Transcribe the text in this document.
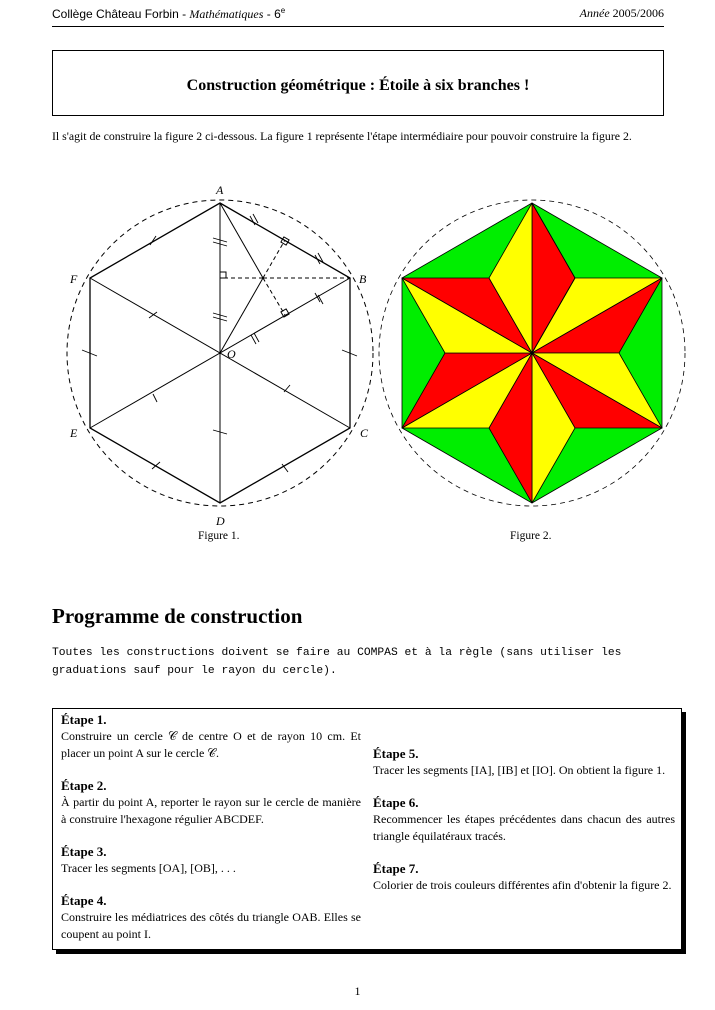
Collège Château Forbin - Mathématiques - 6e	Année 2005/2006
Construction géométrique : Étoile à six branches !
Il s'agit de construire la figure 2 ci-dessous. La figure 1 représente l'étape intermédiaire pour pouvoir construire la figure 2.
A
B
C
D
E
F
O
Figure 1.	Figure 2.
Programme de construction
Toutes les constructions doivent se faire au COMPAS et à la règle (sans utiliser les graduations sauf pour le rayon du cercle).
Étape 1.
Construire un cercle 𝒞 de centre O et de rayon 10 cm. Et placer un point A sur le cercle 𝒞.
Étape 2.
À partir du point A, reporter le rayon sur le cercle de manière à construire l'hexagone régulier ABCDEF.
Étape 3.
Tracer les segments [OA], [OB], . . .
Étape 4.
Construire les médiatrices des côtés du triangle OAB. Elles se coupent au point I.
Étape 5.
Tracer les segments [IA], [IB] et [IO]. On obtient la figure 1.
Étape 6.
Recommencer les étapes précédentes dans chacun des autres triangle équilatéraux tracés.
Étape 7.
Colorier de trois couleurs différentes afin d'obtenir la figure 2.
1
